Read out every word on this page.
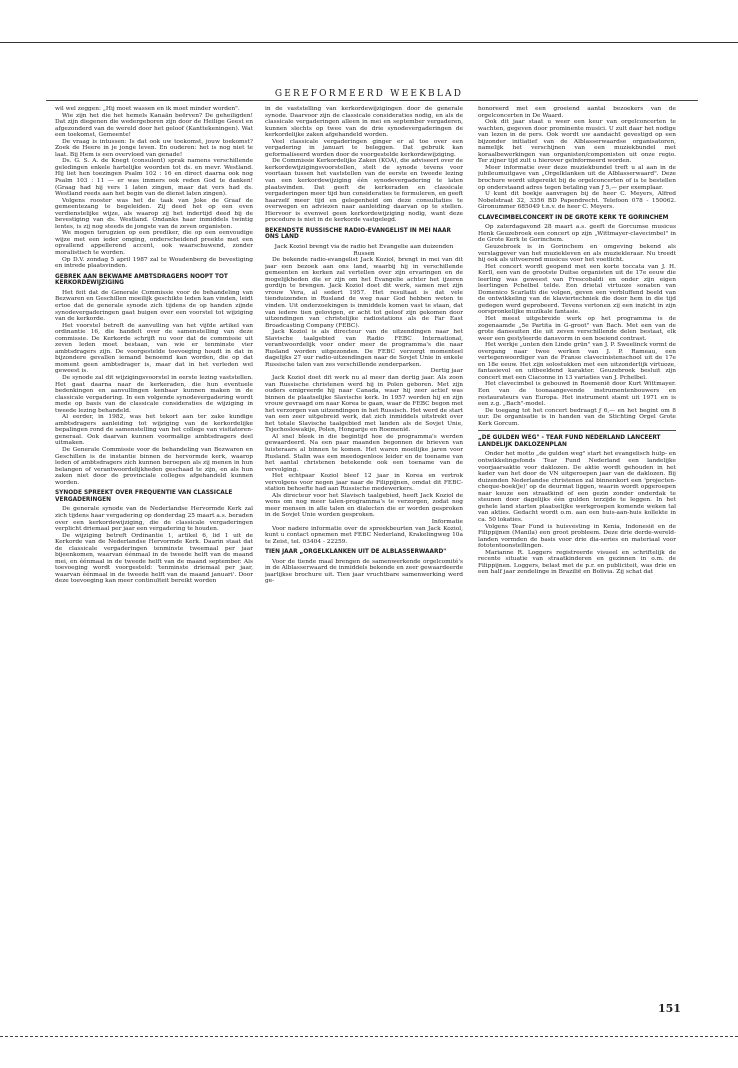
GEREFORMEERD WEEKBLAD

wil wel zeggen: „Hij moet wassen en ik moet minder worden".

Wie zijn het die het hemels Kanaän beërven? De geheiligden! Dat zijn diegenen die wedergeboren zijn door de Heilige Geest en afgezonderd van de wereld door het geloof (Kanttekeningen). Wat een toekomst, Gemeente!

De vraag is intussen: Is dat ook uw toekomst, jouw toekomst? Zoek de Heere in je jonge leven. En ouderen: het is nog niet te laat. Bij Hem is een overvloed van genade!

Ds. G. S. A. de Knegt (consulent) sprak namens verschillende geledingen enkele hartelijke woorden tot ds. en mevr. Westland. Hij liet hen toezingen Psalm 102 : 16 en direct daarna ook nog Psalm 103 : 11 — er was immers ook reden God te danken! (Graag had hij vers 1 laten zingen, maar dat vers had ds. Westland reeds aan het begin van de dienst laten zingen).

Volgens rooster was het de taak van Joke de Graaf de gemeentezang te begeleiden. Zij deed het op een even verdienstelijke wijze, als waarop zij het indertijd deed bij de bevestiging van ds. Westland. Ondanks haar inmiddels twintig lentes, is zij nog steeds de jongste van de zeven organisten.

We mogen terugzien op een prediker, die op een eenvoudige wijze met een ieder omging, onderscheidend preekte met een opvallend appellerend accent, ook waarschuwend, zonder moralistisch te worden.

Op D.V. zondag 5 april 1987 zal te Woudenberg de bevestiging en intrede plaatsvinden.

GEBREK AAN BEKWAME AMBTSDRAGERS NOOPT TOT KERKORDEWIJZIGING

Het feit dat de Generale Commissie voor de behandeling van Bezwaren en Geschillen moeilijk geschikte leden kan vinden, leidt ertoe dat de generale synode zich tijdens de op handen zijnde synodevergaderingen gaat buigen over een voorstel tot wijziging van de kerkorde.

Het voorstel betreft de aanvulling van het vijfde artikel van ordinantie 16, die handelt over de samenstelling van deze commissie. De Kerkorde schrijft nu voor dat de commissie uit zeven leden moet bestaan, van wie er tenminste vier ambtsdragers zijn. De voorgestelde toevoeging houdt in dat in bijzondere gevallen iemand benoemd kan worden, die op dat moment geen ambtsdrager is, maar dat in het verleden wel geweest is.

De synode zal dit wijzigingsvoorstel in eerste lezing vaststellen. Het gaat daarna naar de kerkeraden, die hun eventuele bedenkingen en aanvullingen kenbaar kunnen maken in de classicale vergadering. In een volgende synodevergadering wordt mede op basis van de classicale consideraties de wijziging in tweede lezing behandeld.

Al eerder, in 1982, was het tekort aan ter zake kundige ambtsdragers aanleiding tot wijziging van de kerkordelijke bepalingen rond de samenstelling van het college van visitatoren-generaal. Ook daarvan kunnen voormalige ambtsdragers deel uitmaken.

De Generale Commissie voor de behandeling van Bezwaren en Geschillen is de instantie binnen de hervormde kerk, waarop leden of ambtsdragers zich kunnen beroepen als zij menen in hun belangen of verantwoordelijkheden geschaad te zijn, en als hun zaken niet door de provinciale colleges afgehandeld kunnen worden.

SYNODE SPREEKT OVER FREQUENTIE VAN CLASSICALE VERGADERINGEN

De generale synode van de Nederlandse Hervormde Kerk zal zich tijdens haar vergadering op donderdag 25 maart a.s. beraden over een kerkordewijziging, die de classicale vergaderingen verplicht driemaal per jaar een vergadering te houden.

De wijziging betreft Ordinantie 1, artikel 6, lid 1 uit de Kerkorde van de Nederlandse Hervormde Kerk. Daarin staat dat de classicale vergaderingen tenminste tweemaal per jaar bijeenkomen, waarvan éénmaal in de tweede helft van de maand mei, en éénmaal in de tweede helft van de maand september. Als toevoeging wordt voorgesteld: 'tenminste driemaal per jaar, waarvan éénmaal in de tweede helft van de maand januari'. Door deze toevoeging kan meer continuïteit bereikt worden

in de vaststelling van kerkordewijzigingen door de generale synode. Daarvoor zijn de classicale consideraties nodig, en als de classicale vergaderingen alleen in mei en september vergaderen, kunnen slechts op twee van de drie synodevergaderingen de kerkordelijke zaken afgehandeld worden.

Veel classicale vergaderingen ginger er al toe over een vergadering in januari te beleggen. Dat gebruik kan geformaliseerd worden door de voorgestelde kerkordewijziging.

De Commissie Kerkordelijke Zaken (KOA), die adviseert over de kerkordewijzigingsvoorstellen, stelt de synode tevens voor voortaan tussen het vaststellen van de eerste en tweede lezing van een kerkordewijziging één synodevergadering te laten plaatsvinden. Dat geeft de kerkeraden en classicale vergaderingen meer tijd hun consideraties te formuleren, en geeft haarzelf meer tijd en gelegenheid om deze consultaties te overwegen en adviezen naar aanleiding daarvan op te stellen. Hiervoor is evenwel geen kerkordewijziging nodig, want deze procedure is niet in de kerkorde vastgelegd.

BEKENDSTE RUSSISCHE RADIO-EVANGELIST IN MEI NAAR ONS LAND

Jack Koziol brengt via de radio het Evangelie aan duizenden Russen

De bekende radio-evangelist Jack Koziol, brengt in mei van dit jaar een bezoek aan ons land, waarbij hij in verschillende gemeenten en kerken zal vertellen over zijn ervaringen en de mogelijkheden die er zijn om het Evangelie achter het ijzeren gordijn te brengen. Jack Koziol doet dit werk, samen met zijn vrouw Vera, al sedert 1957. Het resultaat is dat vele tienduizenden in Rusland de weg naar God hebben weten te vinden. Uit onderzoekingen is inmiddels komen vast te staan, dat van iedere tien gelovigen, er acht tot geloof zijn gekomen door uitzendingen van christelijke radiostations als de Far East Broadcasting Company (FEBC).

Jack Koziol is als directeur van de uitzendingen naar het Slavische taalgebied van Radio FEBC International, verantwoordelijk voor onder meer de programma's die naar Rusland worden uitgezonden. De FEBC verzorgt momenteel dagelijks 27 uur radio-uitzendingen naar de Sovjet Unie in enkele Russische talen van zes verschillende zenderparken.

Dertig jaar

Jack Koziol doet dit werk nu al meer dan dertig jaar. Als zoon van Russische christenen werd hij in Polen geboren. Met zijn ouders emigreerde hij naar Canada, waar hij zeer actief was binnen de plaatselijke Slavische kerk. In 1957 werden hij en zijn vrouw gevraagd om naar Korea te gaan, waar de FEBC begon met het verzorgen van uitzendingen in het Russisch. Het werd de start van een zeer uitgebreid werk, dat zich inmiddels uitstrekt over het totale Slavische taalgebied met landen als de Sovjet Unie, Tsjechoslowakije, Polen, Hongarije en Roemenië.

Al snel bleek in die begintijd hoe de programma's werden gewaardeerd. Na een paar maanden begonnen de brieven van luisteraars al binnen te komen. Het waren moeilijke jaren voor Rusland. Stalin was een meedogenloos leider en de toename van het aantal christenen betekende ook een toename van de vervolging.

Het echtpaar Koziol bleef 12 jaar in Korea en vertrok vervolgens voor negen jaar naar de Filippijnen, omdat dit FEBC-station behoefte had aan Russische medewerkers.

Als directeur voor het Slavisch taalgebied, heeft Jack Koziol de wens om nog meer talen-programma's te verzorgen, zodat nog meer mensen in alle talen en dialecten die er worden gesproken in de Sovjet Unie worden gesproken.

Informatie

Voor nadere informatie over de spreekbeurten van Jack Koziol, kunt u contact opnemen met FEBC Nederland, Krakelingweg 10a te Zeist, tel. 03404 - 22259.

TIEN JAAR „ORGELKLANKEN UIT DE ALBLASSERWAARD"

Voor de tiende maal brengen de samenwerkende orgelcomité's in de Alblasserwaard de inmiddels bekende en zeer gewaardeerde jaarlijkse brochure uit. Tien jaar vruchtbare samenwerking werd ge-

honoreerd met een groeiend aantal bezoekers van de orgelconcerten in De Waard.

Ook dit jaar staat u weer een keur van orgelconcerten te wachten, gegeven door prominente musici. U zult daar het nodige van lezen in de pers. Ook wordt uw aandacht gevestigd op een bijzonder initiatief van de Alblasserwaardse organisatoren, namelijk het verschijnen van een muziekbundel met koraalbewerkingen van organisten/componisten uit onze regio. Ter zijner tijd zult u hierover geïnformeerd worden.

Meer informatie over deze muziekbundel treft u al aan in de jubileumuitgave van „Orgelklanken uit de Alblasserwaard". Deze brochure wordt uitgereikt bij de orgelconcerten of is te bestellen op onderstaand adres tegen betaling van ƒ 5,— per exemplaar.

U kunt dit boekje aanvragen bij de heer C. Meyers, Alfred Nobelstraat 32, 3356 BD Papendrecht. Telefoon 078 - 150062. Gironummer 685049 t.n.v. de heer C. Meyers.

CLAVECIMBELCONCERT IN DE GROTE KERK TE GORINCHEM

Op zaterdagavond 28 maart a.s. geeft de Gorcumse musicus Henk Geuzebroek een concert op zijn „Wittmayer-clavecimbel" in de Grote Kerk te Gorinchem.

Geuzebroek is in Gorinchem en omgeving bekend als verslaggever van het muziekleven en als muziekleraar. Nu treedt hij ook als uitvoerend musicus voor het voetlicht.

Het concert wordt geopend met een korte toccata van J. H. Kerll, een van de grootste Duitse organisten uit de 17e eeuw die leerling was geweest van Frescobaldi en onder zijn eigen leerlingen Pchelbel telde. Een drietal virtuoze sonaten van Domenico Scarlatti die volgen, geven een verbluffend beeld van de ontwikkeling van de klaviertechniek die door hem in die tijd gedegen werd geprobeerd. Tevens vertonen zij een inzicht in zijn oorspronkelijke muzikale fantasie.

Het meest uitgebreide werk op het programma is de zogenaamde „5e Partita in G-groot" van Bach. Met een van de grote danssuiten die uit zeven verschillende delen bestaat, elk weer een gestyleerde dansvorm in een boeiend contrast.

Het werkje „unten den Linde grün" van J. P. Sweelinck vormt de overgang naar twee werken van J. P. Rameau, een vertegenwoordiger van de Franse clavecinistenschool uit de 17e en 18e eeuw. Het zijn solostukken met een uitzonderlijk virtuoze, fantasievol en uitbeeldend karakter. Geuzebroek besluit zijn concert met een Ciaconne in 13 variaties van J. Pchelbel.

Het clavecimbel is gebouwd in Roemenië door Kurt Wittmayer. Een van de toonaangevende instrumentenbouwers en restaurateurs van Europa. Het instrument stamt uit 1971 en is een z.g. „Bach"-model.

De toegang tot het concert bedraagt ƒ 6,— en het begint om 8 uur. De organisatie is in handen van de Stichting Orgel Grote Kerk Gorcum.

„DE GULDEN WEG" - TEAR FUND NEDERLAND LANCEERT LANDELIJK DAKLOZENPLAN

Onder het motto „de gulden weg" start het evangelisch hulp- en ontwikkelingsfonds Tear Fund Nederland een landelijke voorjaarsaktie voor daklozen. De aktie wordt gehouden in het kader van het door de VN uitgeroepen jaar van de daklozen. Bij duizenden Nederlandse christenen zal binnenkort een 'projecten-cheque-boek(je)' op de deurmat liggen, waarin wordt opgeroepen naar keuze een straatkind of een gezin zonder onderdak te steunen door dagelijks één gulden terzijde te leggen. In het gehele land starten plaatselijke werkgroepen komende weken tal van akties. Gedacht wordt o.m. aan een huis-aan-huis kollekte in ca. 50 lokaties.

Volgens Tear Fund is huisvesting in Kenia, Indonesië en de Filippijnen (Manila) een groot probleem. Deze drie derde-wereld-landen vormden de basis voor drie dia-series en materiaal voor fototentoonstellingen.

Marianne R. Loggers registreerde visueel en schriftelijk de recente situatie van straatkinderen en gezinnen in o.m. de Filippijnen. Loggers, belast met de p.r. en publiciteit, was drie en een half jaar zendelinge in Brazilië en Bolivia. Zij schat dat

151
